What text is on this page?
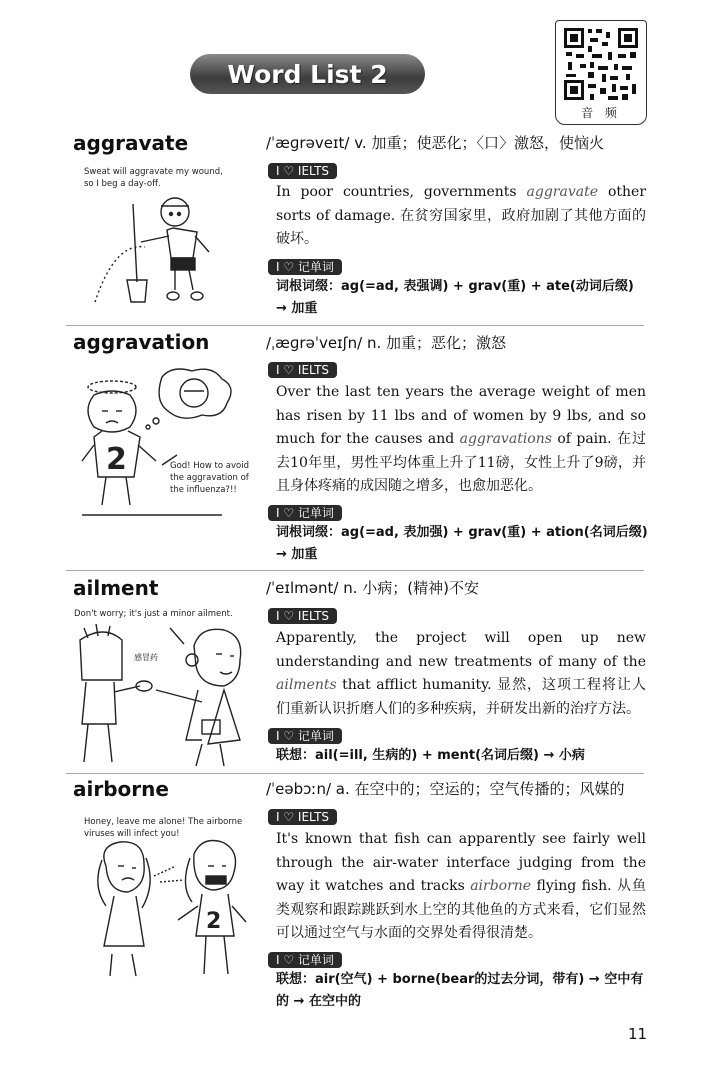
Word List 2
音 频
aggravate	/ˈæɡrəveɪt/ v. 加重；使恶化；〈口〉激怒，使恼火
I ♡ IELTS
In poor countries, governments aggravate other sorts of damage. 在贫穷国家里，政府加剧了其他方面的破坏。
I ♡ 记单词
词根词缀：ag(=ad, 表强调) + grav(重) + ate(动词后缀) → 加重
Sweat will aggravate my wound, so I beg a day-off.
aggravation	/ˌæɡrəˈveɪʃn/ n. 加重；恶化；激怒
I ♡ IELTS
Over the last ten years the average weight of men has risen by 11 lbs and of women by 9 lbs, and so much for the causes and aggravations of pain. 在过去10年里，男性平均体重上升了11磅，女性上升了9磅，并且身体疼痛的成因随之增多，也愈加恶化。
I ♡ 记单词
词根词缀：ag(=ad, 表加强) + grav(重) + ation(名词后缀) → 加重
God! How to avoid the aggravation of the influenza?!!
2
ailment	/ˈeɪlmənt/ n. 小病；(精神)不安
I ♡ IELTS
Apparently, the project will open up new understanding and new treatments of many of the ailments that afflict humanity. 显然，这项工程将让人们重新认识折磨人们的多种疾病，并研发出新的治疗方法。
I ♡ 记单词
联想：ail(=ill, 生病的) + ment(名词后缀) → 小病
Don't worry; it's just a minor ailment.
感冒药
airborne	/ˈeəbɔːn/ a. 在空中的；空运的；空气传播的；风媒的
I ♡ IELTS
It's known that fish can apparently see fairly well through the air-water interface judging from the way it watches and tracks airborne flying fish. 从鱼类观察和跟踪跳跃到水上空的其他鱼的方式来看，它们显然可以通过空气与水面的交界处看得很清楚。
I ♡ 记单词
联想：air(空气) + borne(bear的过去分词，带有) → 空中有的 → 在空中的
Honey, leave me alone! The airborne viruses will infect you!
2
11
